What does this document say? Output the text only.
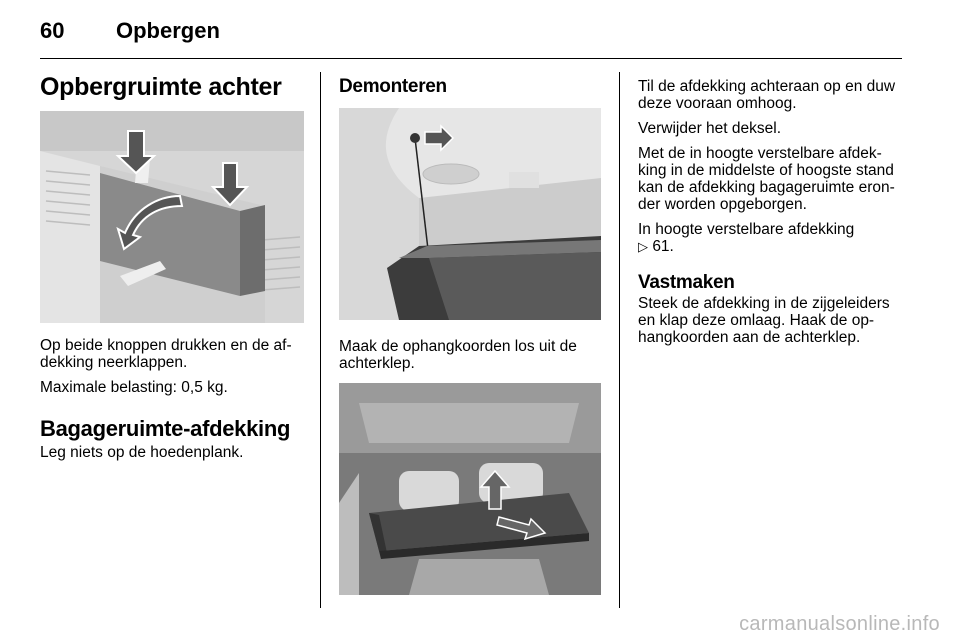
60 Opbergen
Opbergruimte achter

Op beide knoppen drukken en de af-dekking neerklappen.

Maximale belasting: 0,5 kg.

Bagageruimte-afdekking

Leg niets op de hoedenplank.

Demonteren

Maak de ophangkoorden los uit de achterklep.

Til de afdekking achteraan op en duw deze vooraan omhoog.

Verwijder het deksel.

Met de in hoogte verstelbare afdek-king in de middelste of hoogste stand kan de afdekking bagageruimte eron-der worden opgeborgen.

In hoogte verstelbare afdekking
▷ 61.

Vastmaken

Steek de afdekking in de zijgeleiders en klap deze omlaag. Haak de op-hangkoorden aan de achterklep.

carmanualsonline.info
